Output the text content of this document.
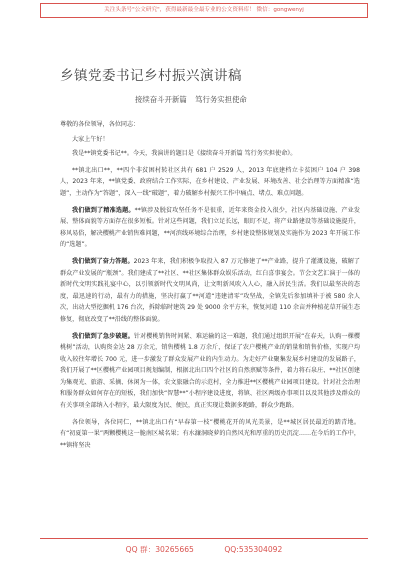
关注头条号"公文研究"，获得最新最全最专业的公文资料库！ 微信：gongwenyj
乡镇党委书记乡村振兴演讲稿
接续奋斗开新篇 笃行务实担使命

尊敬的各位领导，各位同志：

大家上午好！

我是**镇党委书记**。今天，我演讲的题目是《接续奋斗开新篇 笃行务实担使命》。

**镇北出口**，**四个非贫困村转社区共有 681 户 2529 人，2013 年底建档立卡贫困户 104 户 398 人，2023 年来，**镇党委、政府结合工作实际，在乡村建设、产业发展、环境改善、社会治理等方面精准“选题”，主动作为“答题”，深入一线“破题”，着力破解乡村振兴工作中痛点、堵点、难点问题。

我们做到了精准选题。**镇涉及脱贫攻坚任务不是很重，近年来资金投入很少，社区内基础设施、产业发展、整体面貌等方面存在很多短板。针对这些问题，我们立足长远，眼盯不足，将产业路建设等基础设施提升，移风易俗，解决樱桃产业销售难问题，**河滨线环境综合治理，乡村建设整体规划及实施作为 2023 年开展工作的“选题”。

我们做到了奋力答题。2023 年来，我们积极争取投入 87 万元修建了**产业路，提升了灌溉设施，破解了群众产业发展的“瓶颈”。我们建成了**社区、**社区集体群众娱乐活动，红白喜事宴会。节会文艺汇演于一体的新时代文明实践礼宴中心，以引领新时代文明风尚，让文明新风吹入人心，融入居民生活。我们以最坚决的态度，最迅速的行动，最有力的措施，坚决打赢了**河道“违建清零”攻坚战，全镇先后参加填补于被 580 余人次，出动大型挖掘机 176 台次，拆除临时建筑 29 处 9000 余平方米，恢复河道 110 余亩并种植花草开展生态修复，彻底改变了**沿线的整体面貌。

我们做到了急步破题。针对樱桃销售时间紧、难运输的这一难题，我们通过组织开展“在春天，认购一棵樱桃树”活动，认购资金达 28 万余元，销售樱桃 1.8 万余斤，保证了农户樱桃产业的销量和销售价格，实现户均收入较往年增长 700 元，进一步激发了群众发展产业的内生动力。为走好产业聚集发展乡村建设的发展路子，我们开展了**区樱桃产业园项目规划编制，根据北出口四个社区的自然禀赋等条件，着力将石泉庄、**社区创建为集观光、旅游、采摘、休闲为一体，农文旅融合的示范村，全力推进**区樱桃产业园项目建设。针对社会治理和服务群众如何存在的短板，我们加快“智慧**”小程序建设进度，将镇、社区两级办事项目以及其他涉及群众的有关事项全部纳入小程序，最大限度为民、便民，真正实现让数据多跑路，群众少跑路。

各位领导，各位同仁，**镇北出口有“早春第一枝”樱桃花开的风光美景，是**城区居民最近的踏青地。有“初夏第一果”两颗樱桃这一脆南区城名果；有水濂洞晓萝的自然风光和厚重的历史沉淀……在今后的工作中，**镇将坚决

QQ 群：30265665	QQ:535304092
